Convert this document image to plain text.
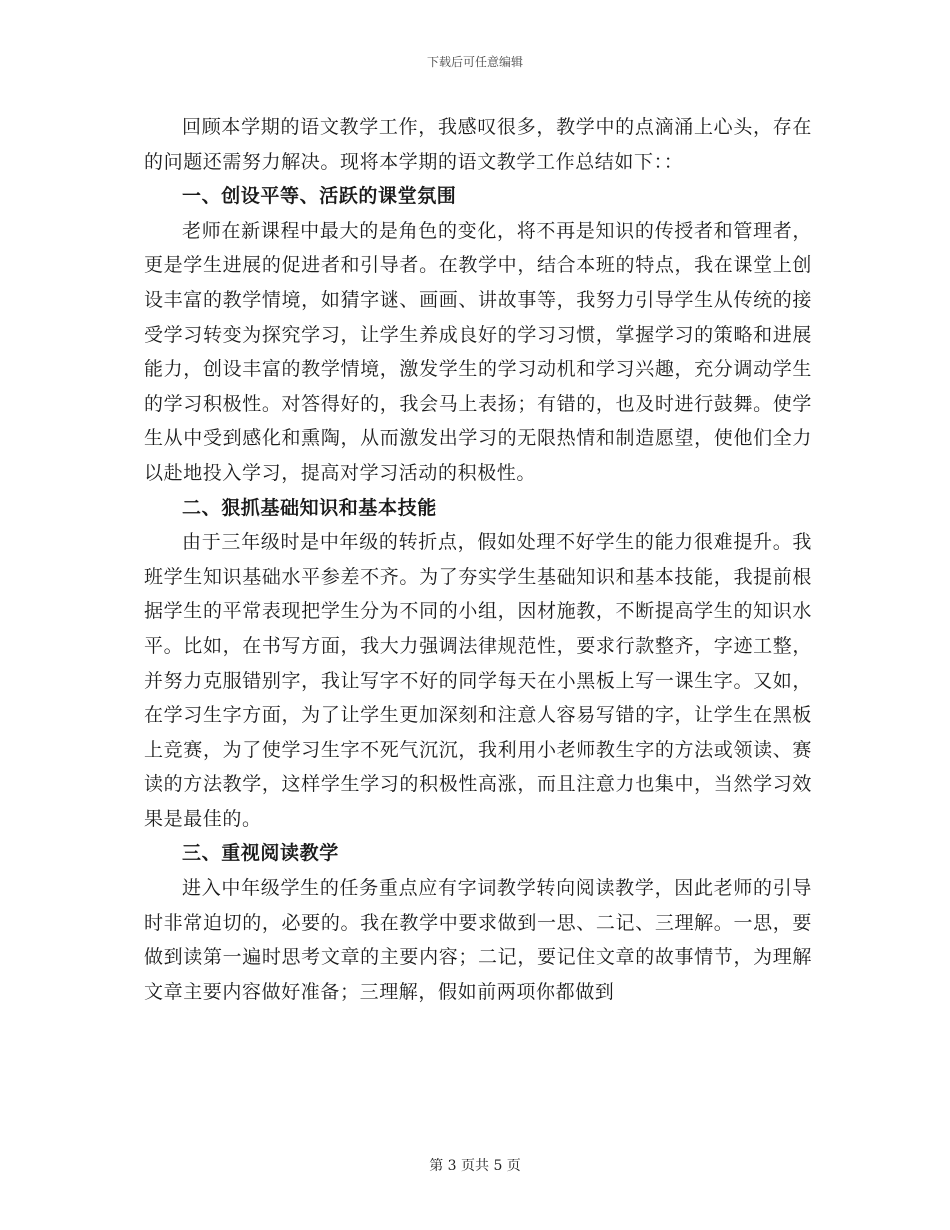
下载后可任意编辑

回顾本学期的语文教学工作，我感叹很多，教学中的点滴涌上心头，存在的问题还需努力解决。现将本学期的语文教学工作总结如下：：

一、创设平等、活跃的课堂氛围

老师在新课程中最大的是角色的变化，将不再是知识的传授者和管理者，更是学生进展的促进者和引导者。在教学中，结合本班的特点，我在课堂上创设丰富的教学情境，如猜字谜、画画、讲故事等，我努力引导学生从传统的接受学习转变为探究学习，让学生养成良好的学习习惯，掌握学习的策略和进展能力，创设丰富的教学情境，激发学生的学习动机和学习兴趣，充分调动学生的学习积极性。对答得好的，我会马上表扬；有错的，也及时进行鼓舞。使学生从中受到感化和熏陶，从而激发出学习的无限热情和制造愿望，使他们全力以赴地投入学习，提高对学习活动的积极性。

二、狠抓基础知识和基本技能

由于三年级时是中年级的转折点，假如处理不好学生的能力很难提升。我班学生知识基础水平参差不齐。为了夯实学生基础知识和基本技能，我提前根据学生的平常表现把学生分为不同的小组，因材施教，不断提高学生的知识水平。比如，在书写方面，我大力强调法律规范性，要求行款整齐，字迹工整，并努力克服错别字，我让写字不好的同学每天在小黑板上写一课生字。又如，在学习生字方面，为了让学生更加深刻和注意人容易写错的字，让学生在黑板上竞赛，为了使学习生字不死气沉沉，我利用小老师教生字的方法或领读、赛读的方法教学，这样学生学习的积极性高涨，而且注意力也集中，当然学习效果是最佳的。

三、重视阅读教学

进入中年级学生的任务重点应有字词教学转向阅读教学，因此老师的引导时非常迫切的，必要的。我在教学中要求做到一思、二记、三理解。一思，要做到读第一遍时思考文章的主要内容；二记，要记住文章的故事情节，为理解文章主要内容做好准备；三理解，假如前两项你都做到

第 3 页共 5 页
